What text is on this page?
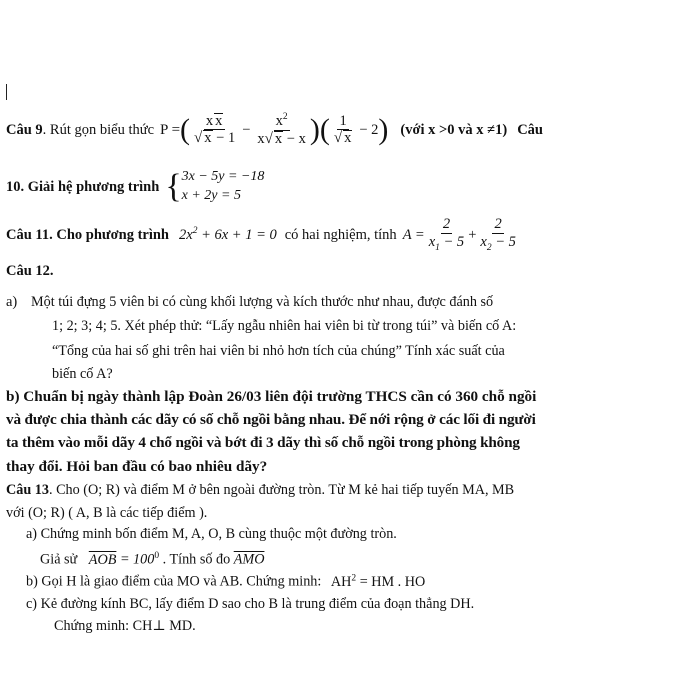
Câu 9 . Rút gọn biểu thức P = ( $\frac{\text{x x}}{√ x - 1} - \frac{x^2}{x√ x - x}$ ) ( $\frac{1}{√ x} - 2$ ) (với x >0 và x ≠1) Câu
10. Giải hệ phương trình { 3x − 5y = −18
x + 2y = 5
Câu 11. Cho phương trình $2x^2 + 6x + 1 = 0$ có hai nghiệm, tính $A = \frac{2}{x_1 - 5} + \frac{2}{x_2 - 5}$
Câu 12.
a) Một túi đựng 5 viên bi có cùng khối lượng và kích thước như nhau, được đánh số
1; 2; 3; 4; 5. Xét phép thử: “Lấy ngẫu nhiên hai viên bi từ trong túi” và biến cố A:
“Tổng của hai số ghi trên hai viên bi nhỏ hơn tích của chúng” Tính xác suất của
biến cố A?
b) Chuẩn bị ngày thành lập Đoàn 26/03 liên đội trường THCS cần có 360 chỗ ngồi
và được chia thành các dãy có số chỗ ngồi bằng nhau. Để nới rộng ở các lối đi người
ta thêm vào mỗi dãy 4 chổ ngồi và bớt đi 3 dãy thì số chỗ ngồi trong phòng không
thay đổi. Hỏi ban đầu có bao nhiêu dãy?
Câu 13. Cho (O; R) và điểm M ở bên ngoài đường tròn. Từ M kẻ hai tiếp tuyến MA, MB
với (O; R) ( A, B là các tiếp điểm ).
a) Chứng minh bốn điểm M, A, O, B cùng thuộc một đường tròn.
Giả sử $\overline{AOB} = 100^0$ . Tính số đo $\overline{AMO}$
b) Gọi H là giao điểm của MO và AB. Chứng minh: $AH^2$ = HM . HO
c) Kẻ đường kính BC, lấy điểm D sao cho B là trung điểm của đoạn thẳng DH.
Chứng minh: CH⊥ MD.
